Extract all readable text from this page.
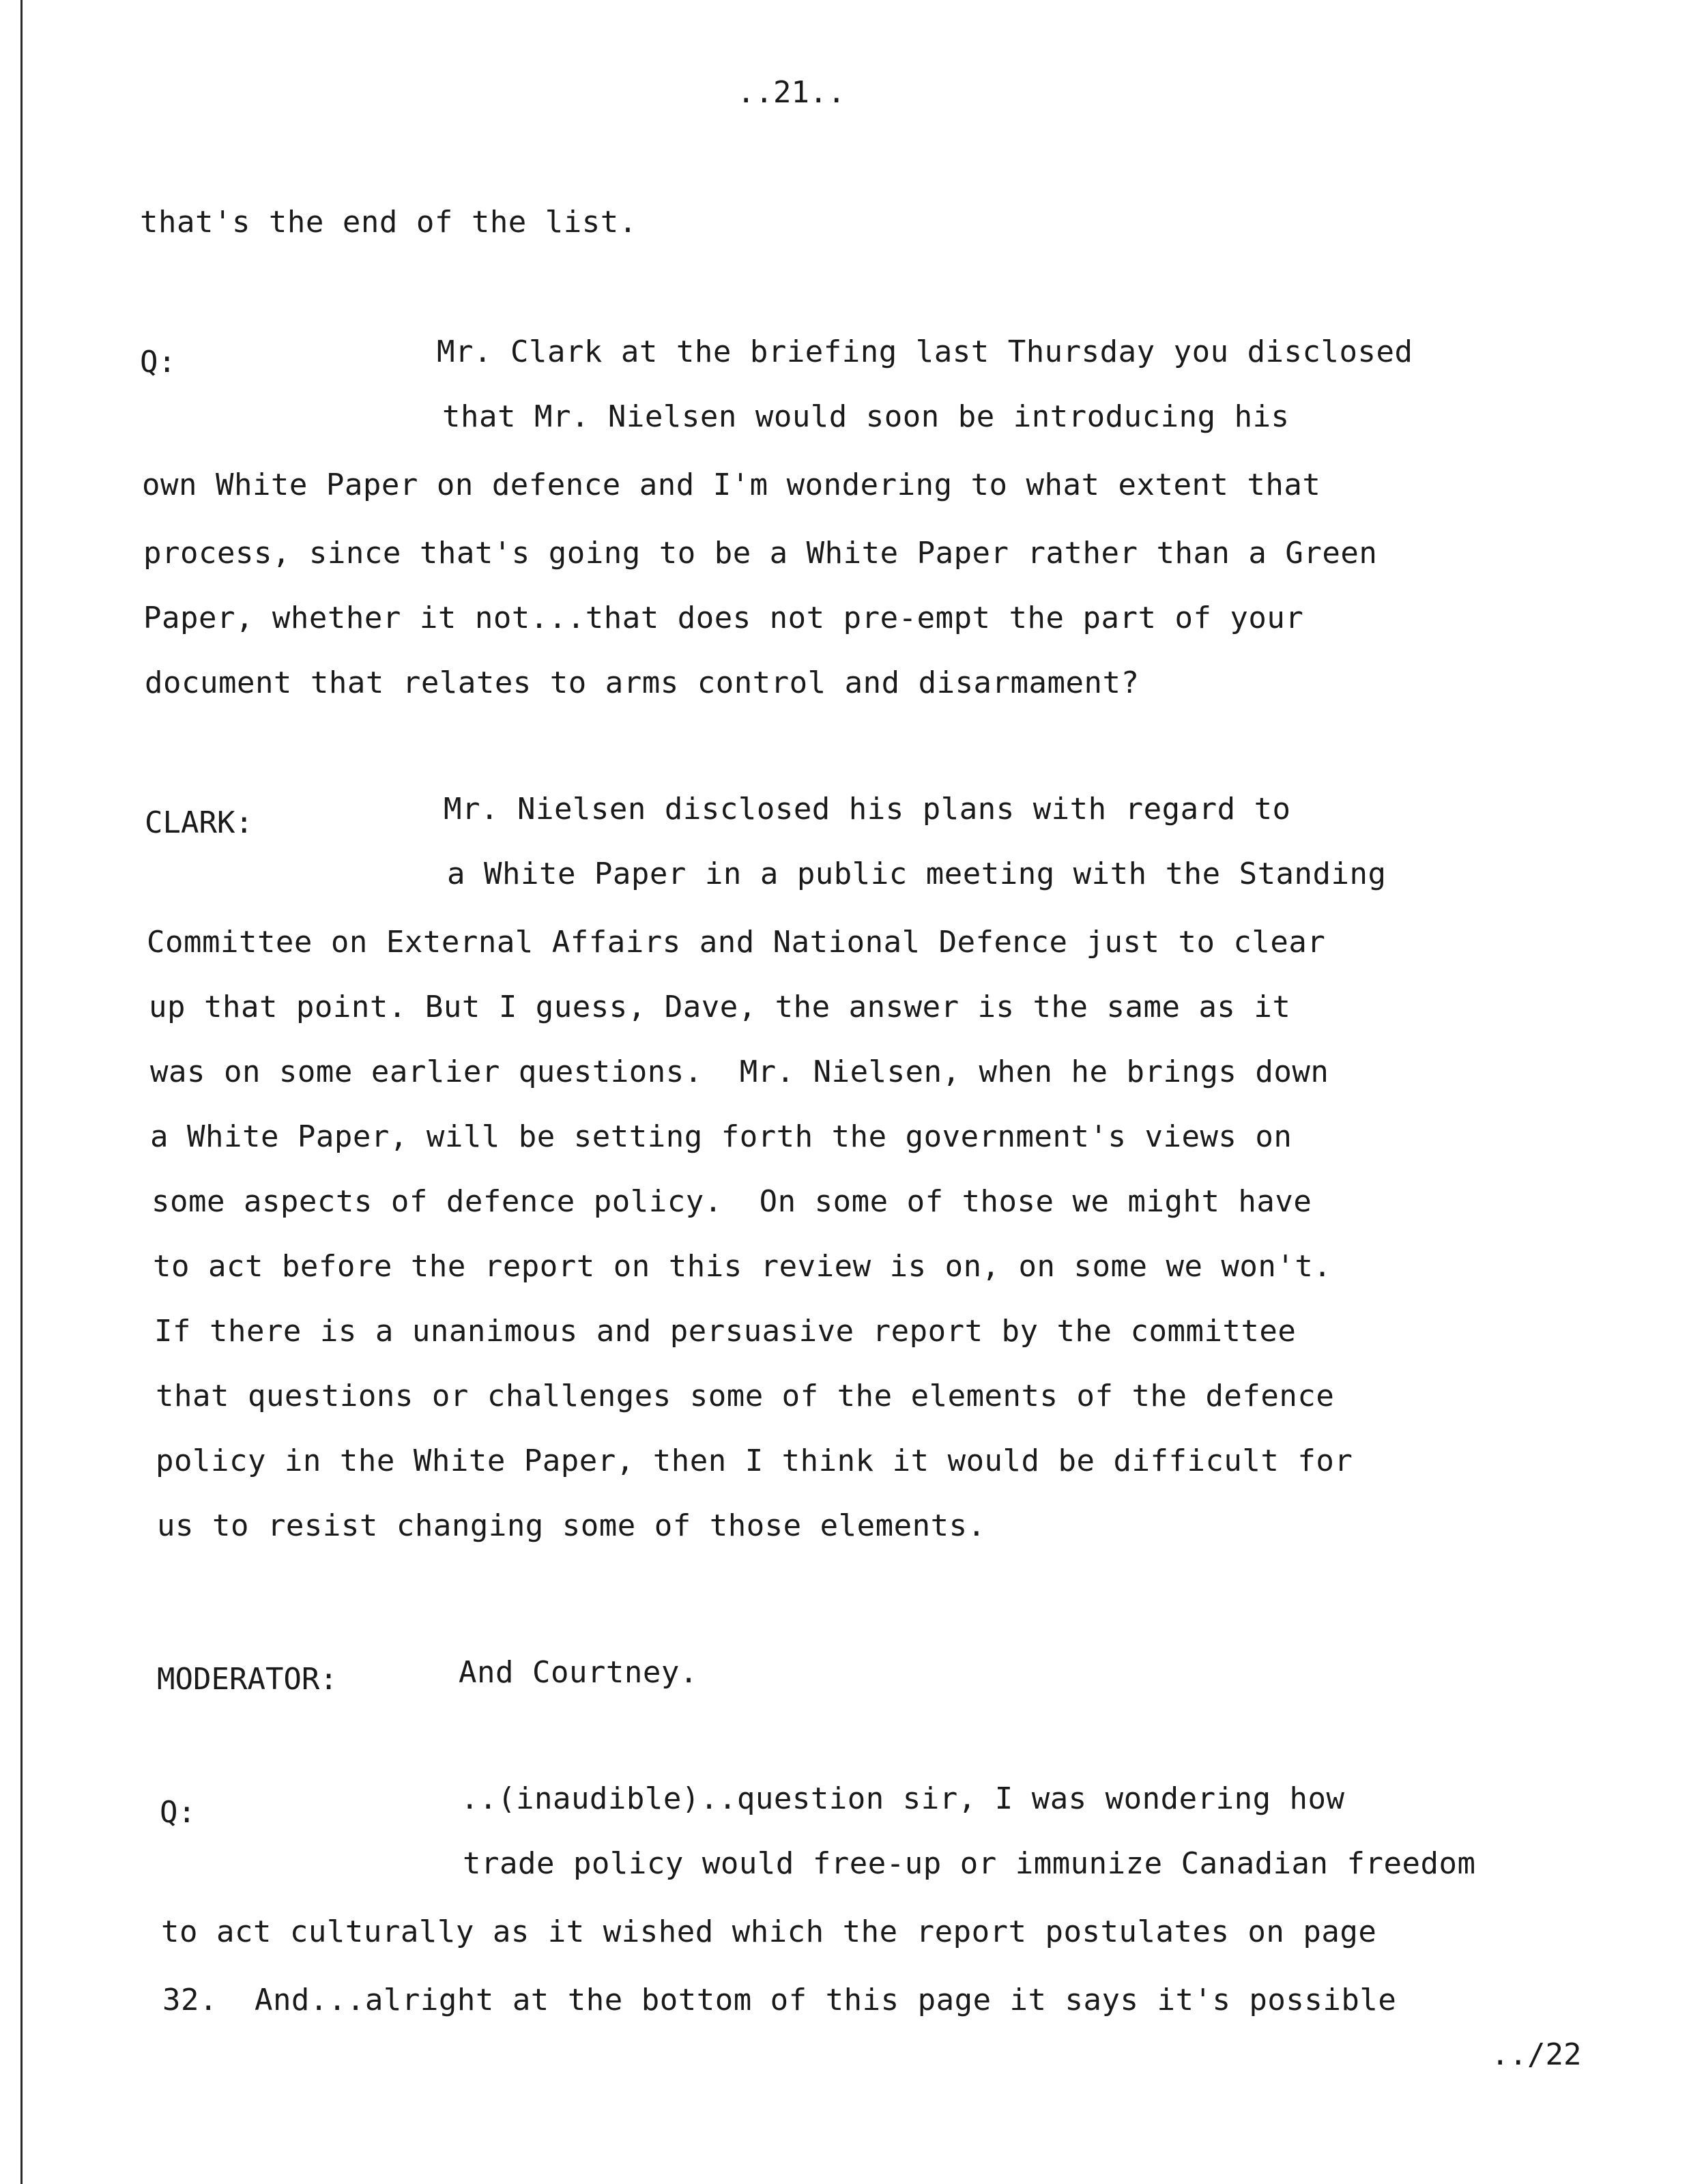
..21..
that's the end of the list.
Q:	Mr. Clark at the briefing last Thursday you disclosed
that Mr. Nielsen would soon be introducing his
own White Paper on defence and I'm wondering to what extent that
process, since that's going to be a White Paper rather than a Green
Paper, whether it not...that does not pre-empt the part of your
document that relates to arms control and disarmament?
CLARK:	Mr. Nielsen disclosed his plans with regard to
a White Paper in a public meeting with the Standing
Committee on External Affairs and National Defence just to clear
up that point. But I guess, Dave, the answer is the same as it
was on some earlier questions.  Mr. Nielsen, when he brings down
a White Paper, will be setting forth the government's views on
some aspects of defence policy.  On some of those we might have
to act before the report on this review is on, on some we won't.
If there is a unanimous and persuasive report by the committee
that questions or challenges some of the elements of the defence
policy in the White Paper, then I think it would be difficult for
us to resist changing some of those elements.
MODERATOR:	And Courtney.
Q:	..(inaudible)..question sir, I was wondering how
trade policy would free-up or immunize Canadian freedom
to act culturally as it wished which the report postulates on page
32.  And...alright at the bottom of this page it says it's possible
../22
